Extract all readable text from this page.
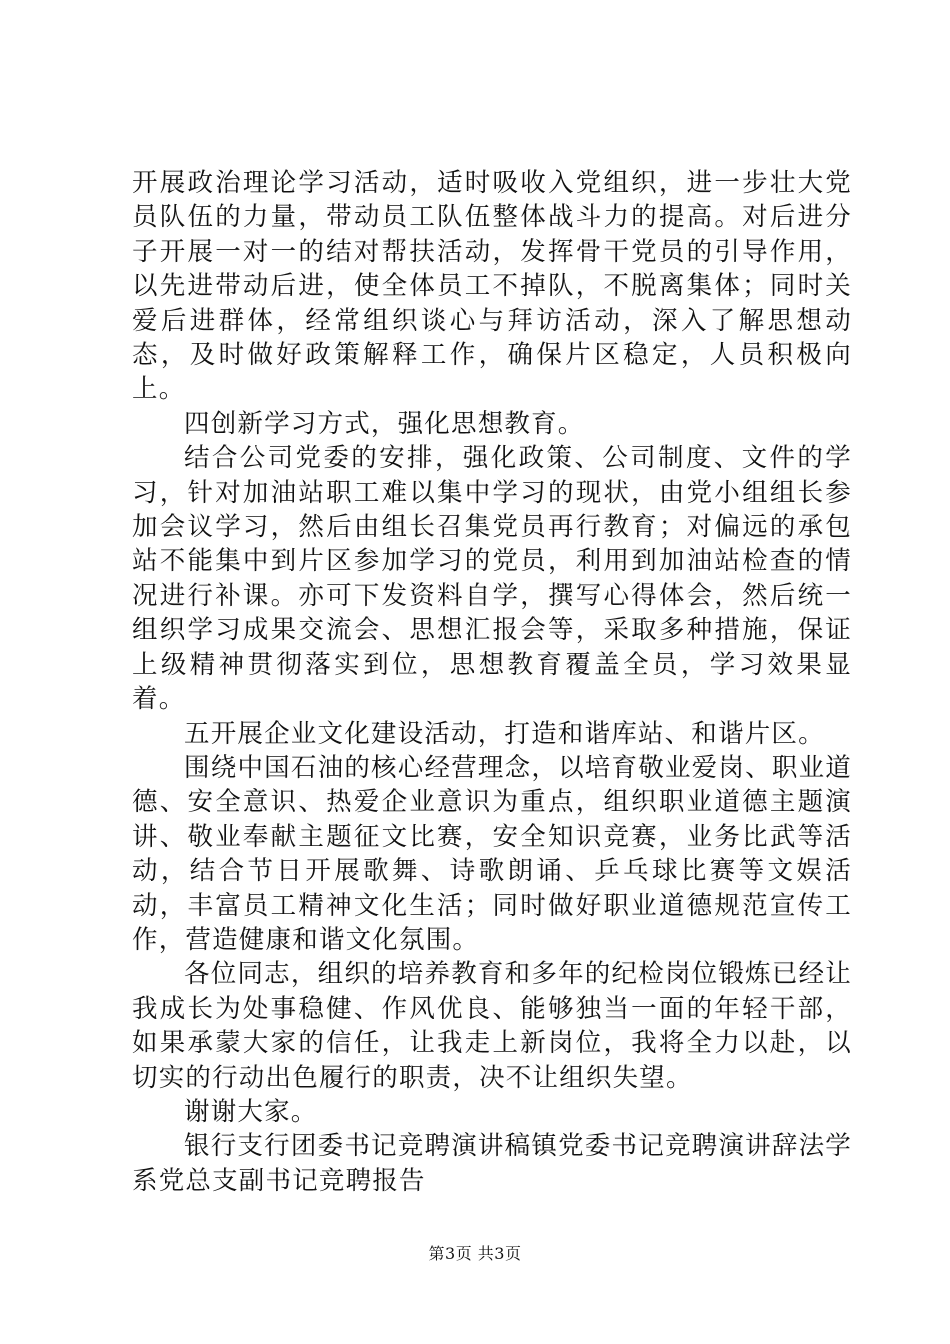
开展政治理论学习活动，适时吸收入党组织，进一步壮大党员队伍的力量，带动员工队伍整体战斗力的提高。对后进分子开展一对一的结对帮扶活动，发挥骨干党员的引导作用，以先进带动后进，使全体员工不掉队，不脱离集体；同时关爱后进群体，经常组织谈心与拜访活动，深入了解思想动态，及时做好政策解释工作，确保片区稳定，人员积极向上。

四创新学习方式，强化思想教育。

结合公司党委的安排，强化政策、公司制度、文件的学习，针对加油站职工难以集中学习的现状，由党小组组长参加会议学习，然后由组长召集党员再行教育；对偏远的承包站不能集中到片区参加学习的党员，利用到加油站检查的情况进行补课。亦可下发资料自学，撰写心得体会，然后统一组织学习成果交流会、思想汇报会等，采取多种措施，保证上级精神贯彻落实到位，思想教育覆盖全员，学习效果显着。

五开展企业文化建设活动，打造和谐库站、和谐片区。

围绕中国石油的核心经营理念，以培育敬业爱岗、职业道德、安全意识、热爱企业意识为重点，组织职业道德主题演讲、敬业奉献主题征文比赛，安全知识竞赛，业务比武等活动，结合节日开展歌舞、诗歌朗诵、乒乓球比赛等文娱活动，丰富员工精神文化生活；同时做好职业道德规范宣传工作，营造健康和谐文化氛围。

各位同志，组织的培养教育和多年的纪检岗位锻炼已经让我成长为处事稳健、作风优良、能够独当一面的年轻干部，如果承蒙大家的信任，让我走上新岗位，我将全力以赴，以切实的行动出色履行的职责，决不让组织失望。

谢谢大家。

银行支行团委书记竞聘演讲稿镇党委书记竞聘演讲辞法学系党总支副书记竞聘报告

第3页 共3页
